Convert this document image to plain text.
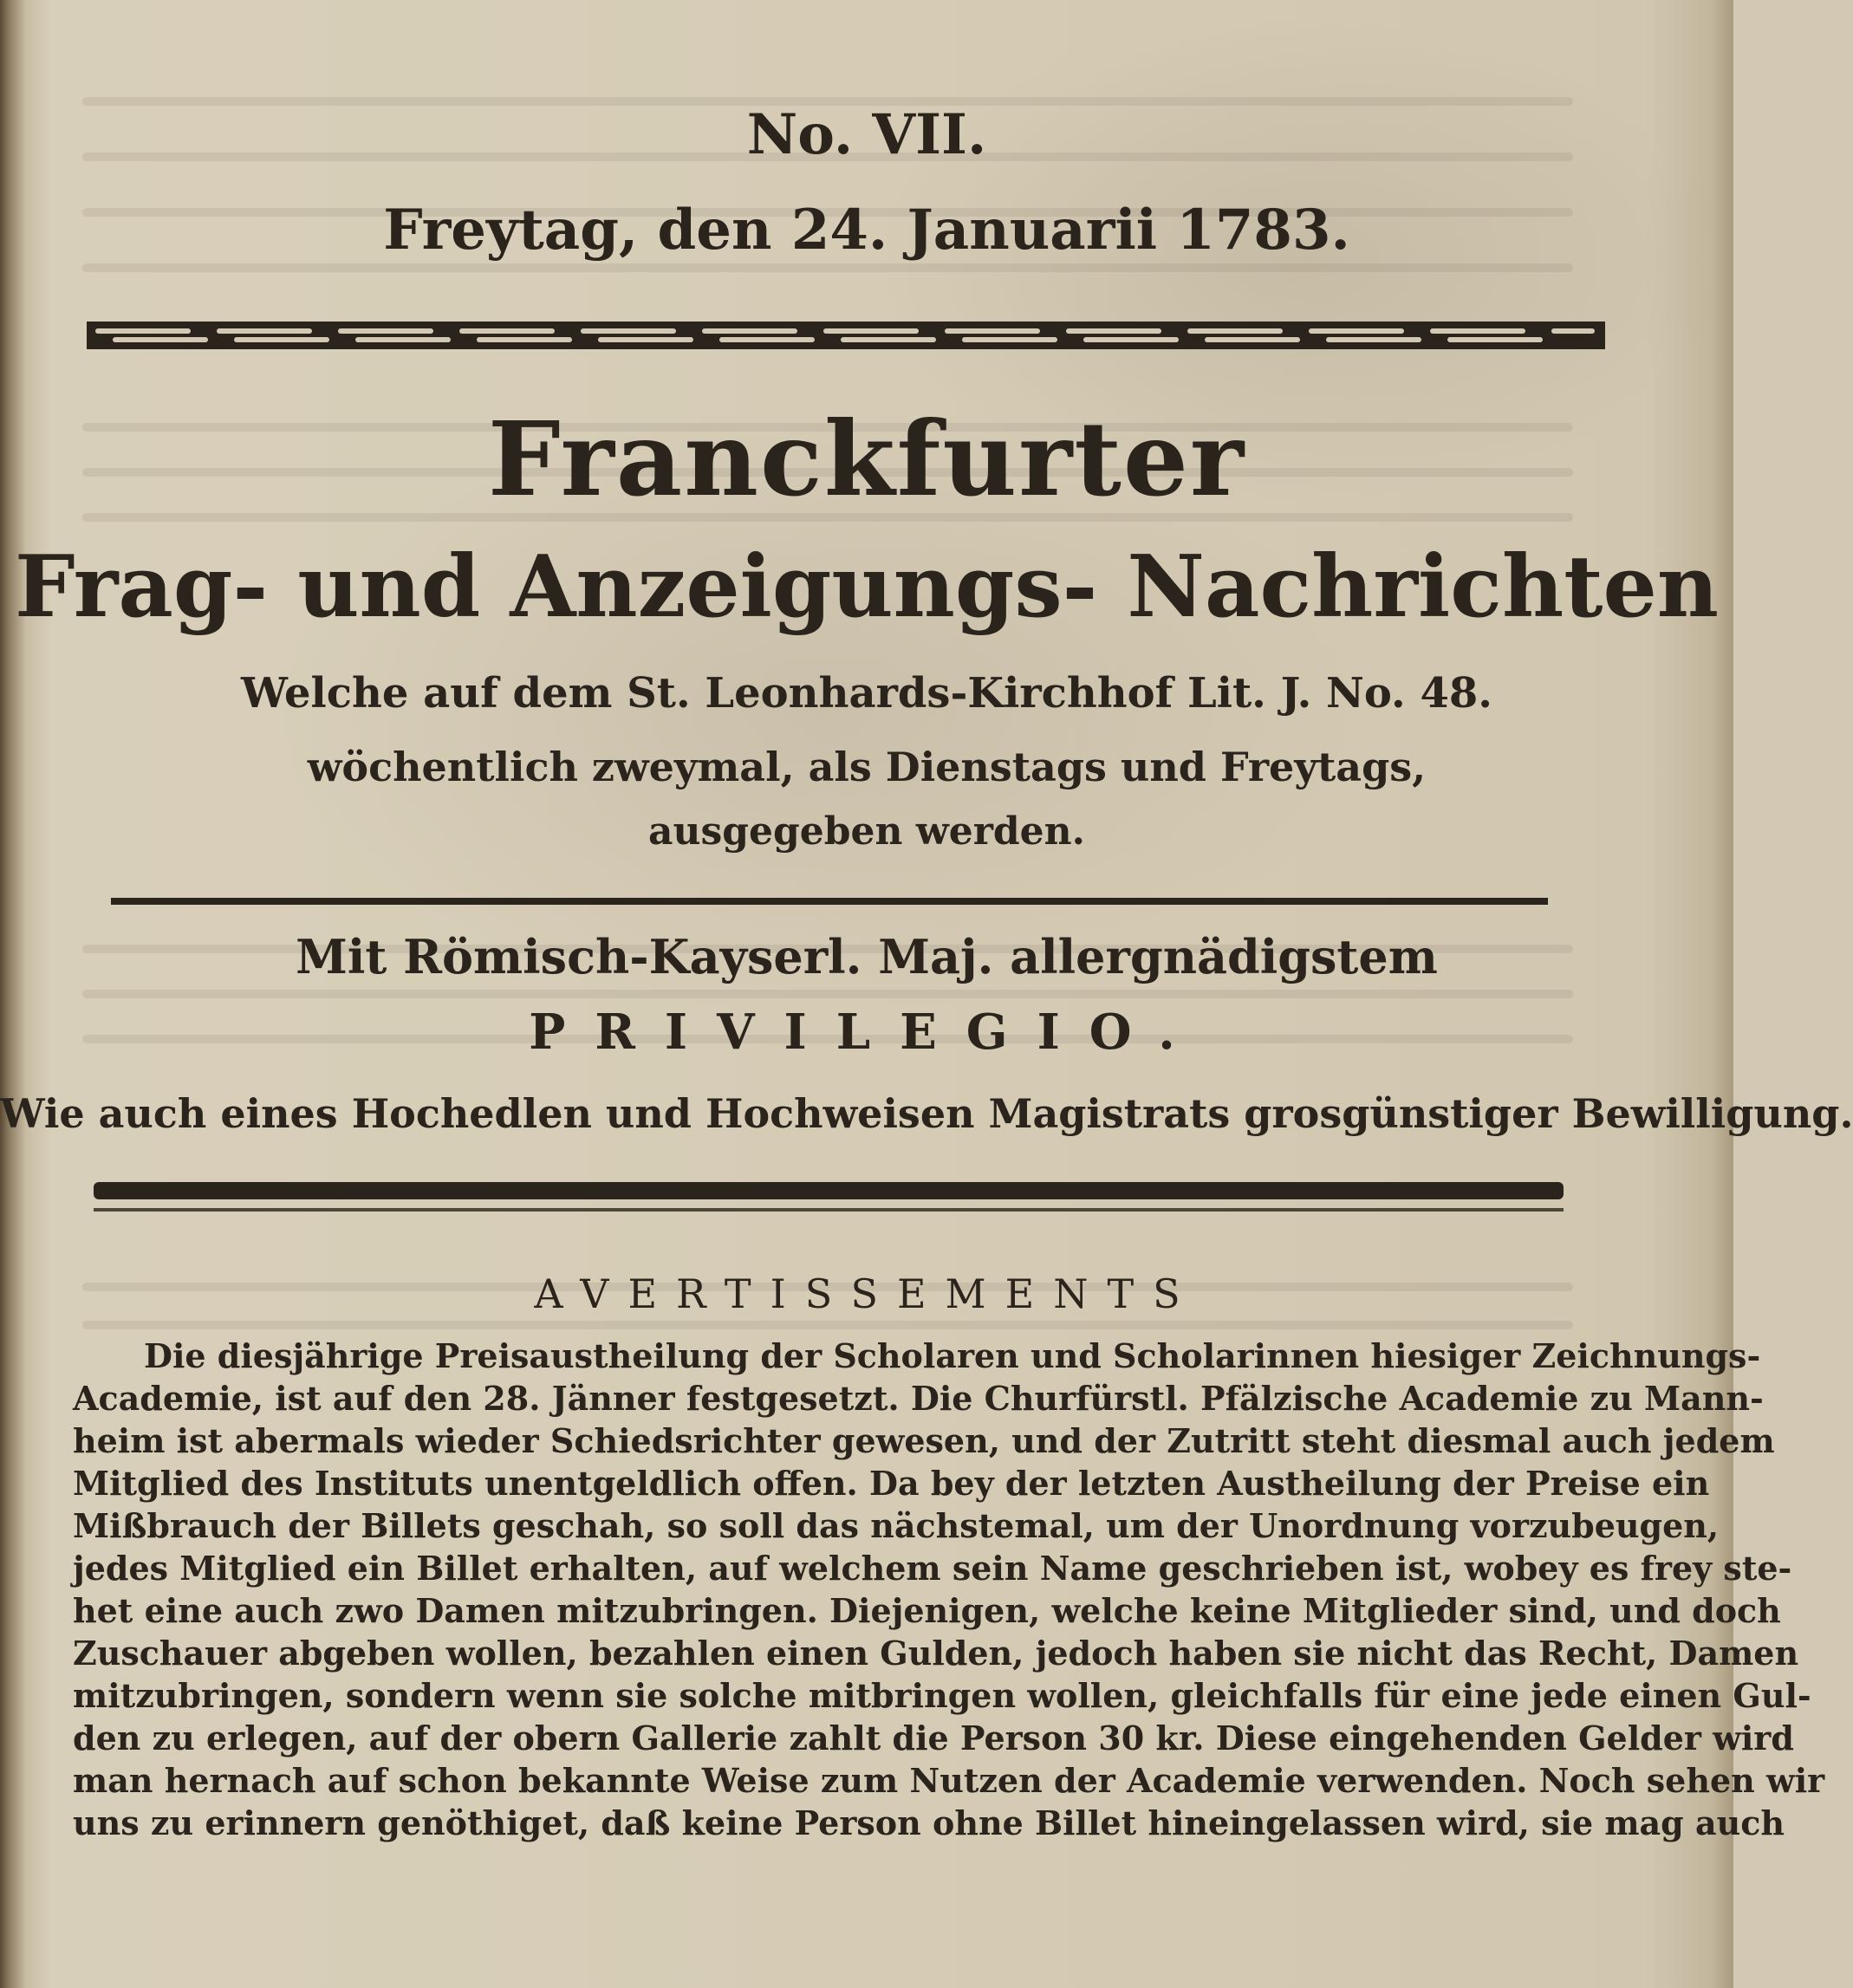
No. VII.
Freytag, den 24. Januarii 1783.
Franckfurter
Frag- und Anzeigungs- Nachrichten
Welche auf dem St. Leonhards-Kirchhof Lit. J. No. 48.
wöchentlich zweymal, als Dienstags und Freytags,
ausgegeben werden.
Mit Römisch-Kayserl. Maj. allergnädigstem
PRIVILEGIO.
Wie auch eines Hochedlen und Hochweisen Magistrats grosgünstiger Bewilligung.
AVERTISSEMENTS
Die diesjährige Preisaustheilung der Scholaren und Scholarinnen hiesiger Zeichnungs-
Academie, ist auf den 28. Jänner festgesetzt. Die Churfürstl. Pfälzische Academie zu Mann-
heim ist abermals wieder Schiedsrichter gewesen, und der Zutritt steht diesmal auch jedem
Mitglied des Instituts unentgeldlich offen. Da bey der letzten Austheilung der Preise ein
Mißbrauch der Billets geschah, so soll das nächstemal, um der Unordnung vorzubeugen,
jedes Mitglied ein Billet erhalten, auf welchem sein Name geschrieben ist, wobey es frey ste-
het eine auch zwo Damen mitzubringen. Diejenigen, welche keine Mitglieder sind, und doch
Zuschauer abgeben wollen, bezahlen einen Gulden, jedoch haben sie nicht das Recht, Damen
mitzubringen, sondern wenn sie solche mitbringen wollen, gleichfalls für eine jede einen Gul-
den zu erlegen, auf der obern Gallerie zahlt die Person 30 kr. Diese eingehenden Gelder wird
man hernach auf schon bekannte Weise zum Nutzen der Academie verwenden. Noch sehen wir
uns zu erinnern genöthiget, daß keine Person ohne Billet hineingelassen wird, sie mag auch
